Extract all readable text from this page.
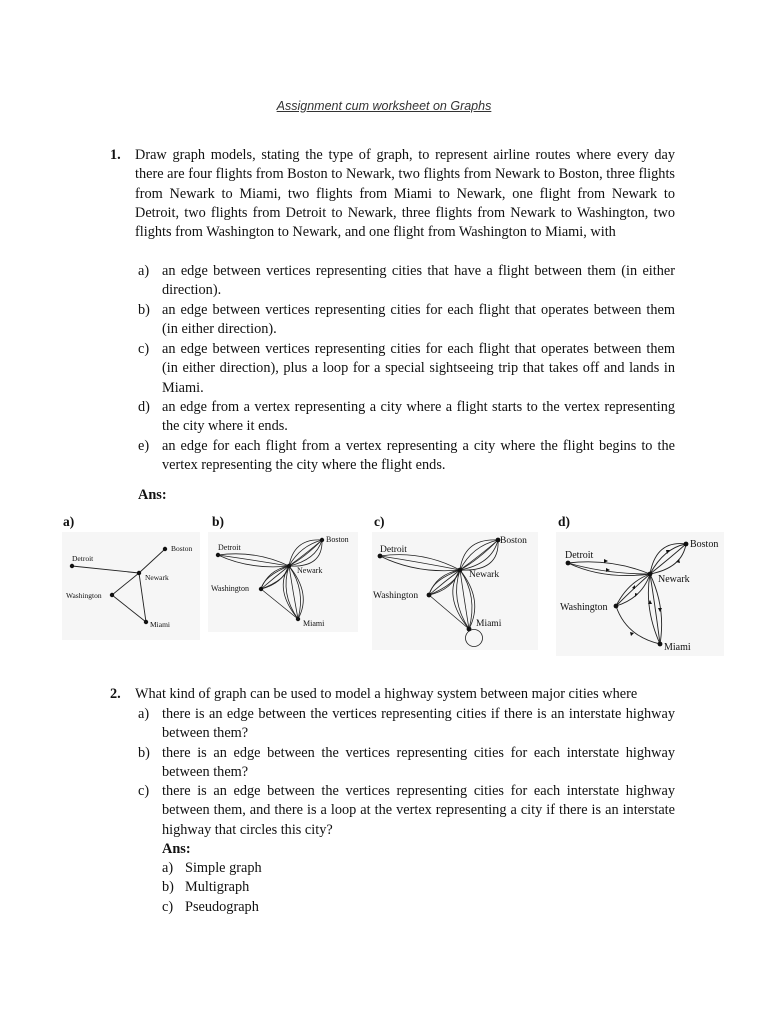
Assignment cum worksheet on Graphs
1. Draw graph models, stating the type of graph, to represent airline routes where every day there are four flights from Boston to Newark, two flights from Newark to Boston, three flights from Newark to Miami, two flights from Miami to Newark, one flight from Newark to Detroit, two flights from Detroit to Newark, three flights from Newark to Washington, two flights from Washington to Newark, and one flight from Washington to Miami, with
a) an edge between vertices representing cities that have a flight between them (in either direction).
b) an edge between vertices representing cities for each flight that operates between them (in either direction).
c) an edge between vertices representing cities for each flight that operates between them (in either direction), plus a loop for a special sightseeing trip that takes off and lands in Miami.
d) an edge from a vertex representing a city where a flight starts to the vertex representing the city where it ends.
e) an edge for each flight from a vertex representing a city where the flight begins to the vertex representing the city where the flight ends.
Ans:
a)	b)	c)	d)
Detroit
Boston
Newark
Washington
Miami
Detroit
Boston
Newark
Washington
Miami
Detroit
Boston
Newark
Washington
Miami
Detroit
Boston
Newark
Washington
Miami
2. What kind of graph can be used to model a highway system between major cities where
a) there is an edge between the vertices representing cities if there is an interstate highway between them?
b) there is an edge between the vertices representing cities for each interstate highway between them?
c) there is an edge between the vertices representing cities for each interstate highway between them, and there is a loop at the vertex representing a city if there is an interstate highway that circles this city?
Ans:
a) Simple graph
b) Multigraph
c) Pseudograph
